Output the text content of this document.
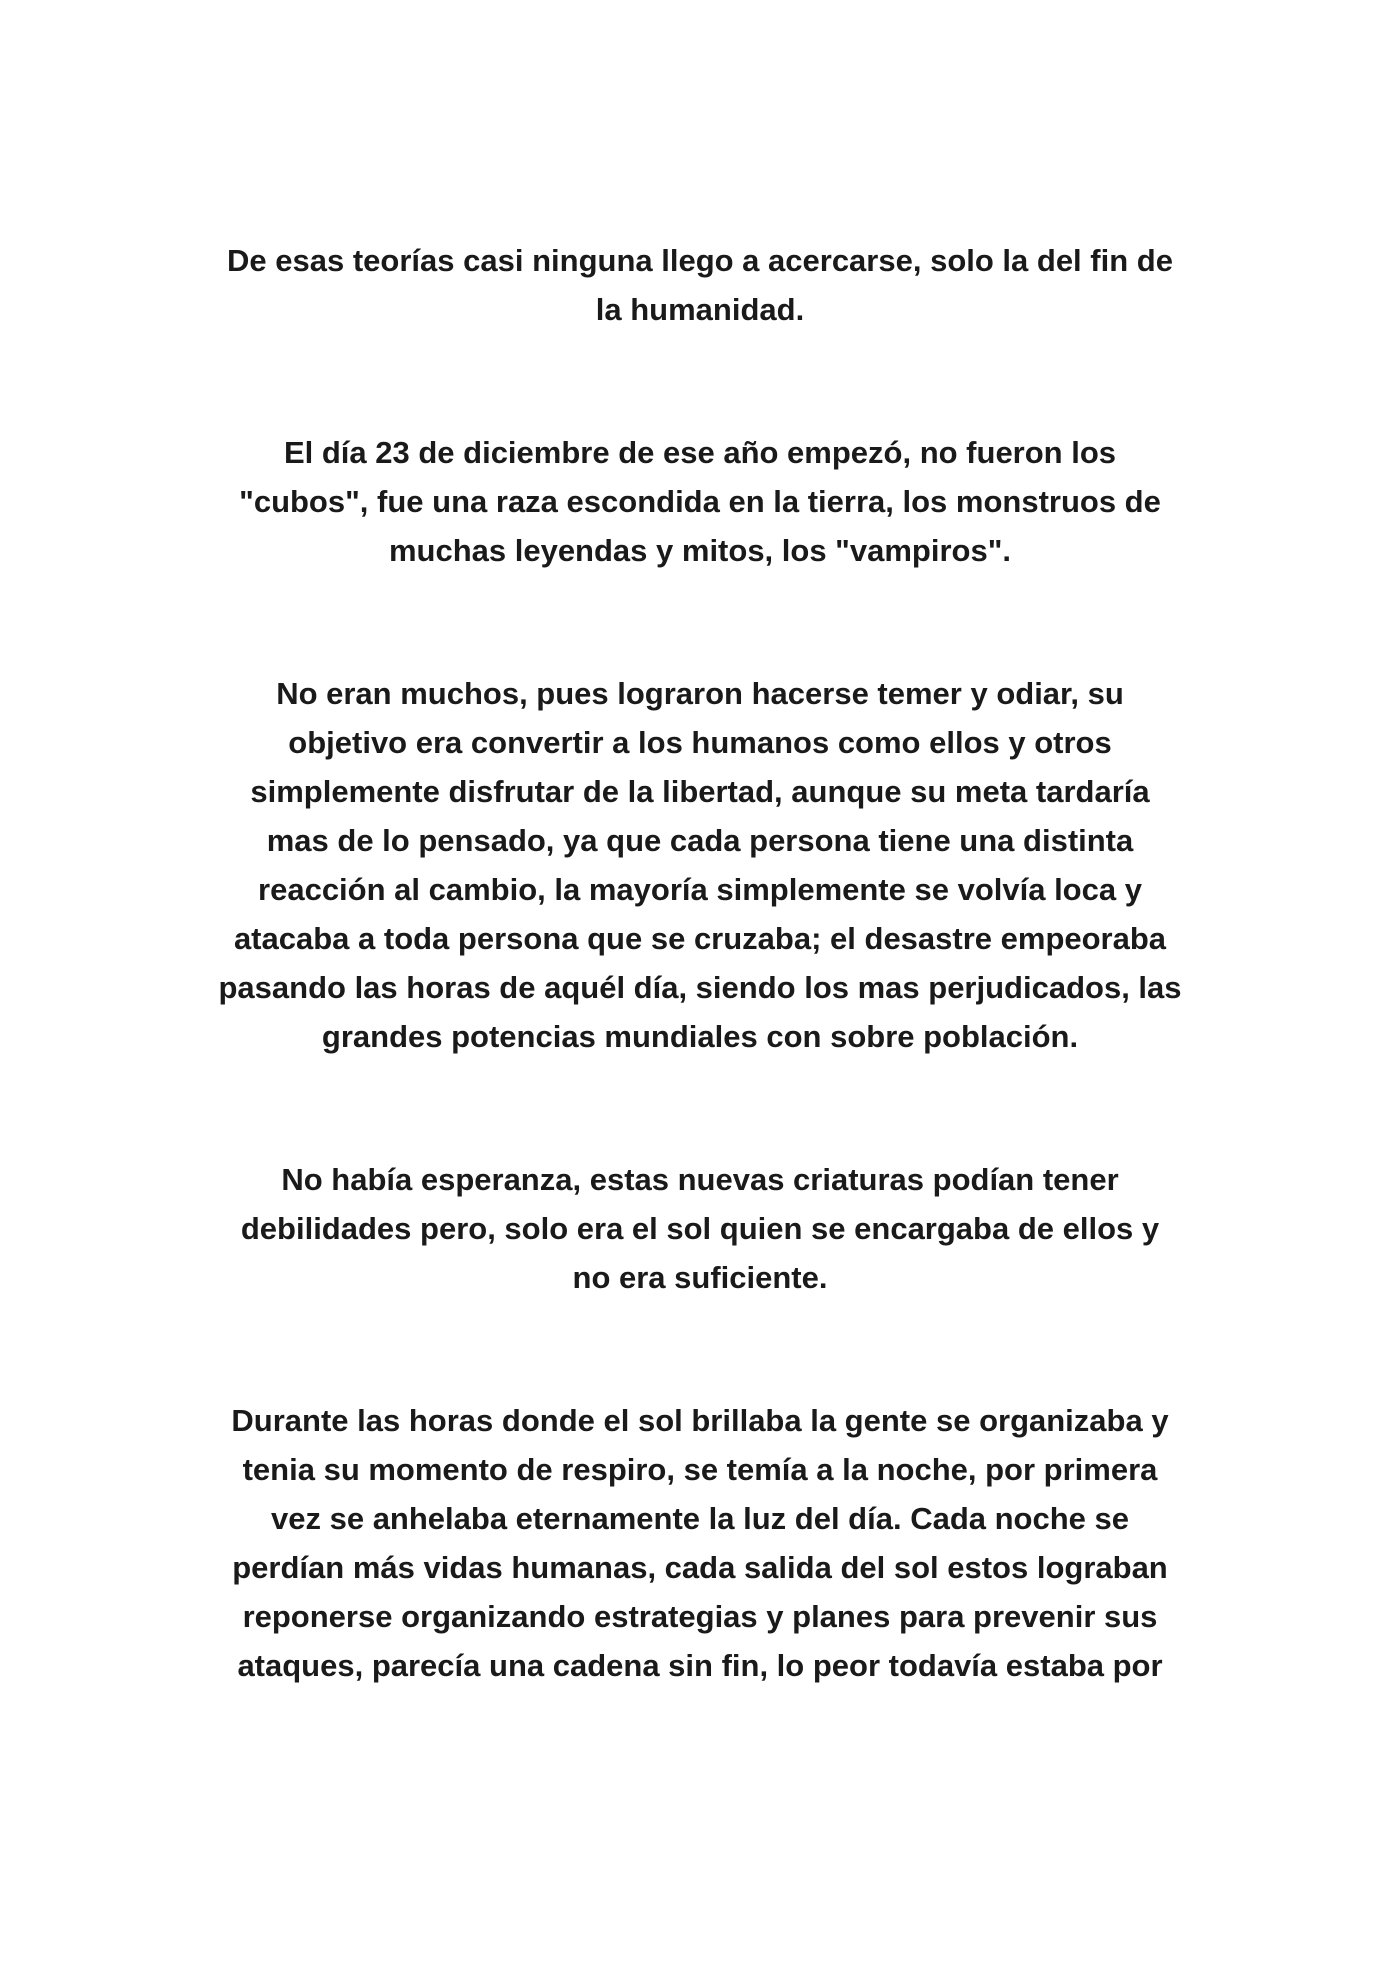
De esas teorías casi ninguna llego a acercarse, solo la del fin de
la humanidad.

El día 23 de diciembre de ese año empezó, no fueron los
"cubos", fue una raza escondida en la tierra, los monstruos de
muchas leyendas y mitos, los "vampiros".

No eran muchos, pues lograron hacerse temer y odiar, su
objetivo era convertir a los humanos como ellos y otros
simplemente disfrutar de la libertad, aunque su meta tardaría
mas de lo pensado, ya que cada persona tiene una distinta
reacción al cambio, la mayoría simplemente se volvía loca y
atacaba a toda persona que se cruzaba; el desastre empeoraba
pasando las horas de aquél día, siendo los mas perjudicados, las
grandes potencias mundiales con sobre población.

No había esperanza, estas nuevas criaturas podían tener
debilidades pero, solo era el sol quien se encargaba de ellos y
no era suficiente.

Durante las horas donde el sol brillaba la gente se organizaba y
tenia su momento de respiro, se temía a la noche, por primera
vez se anhelaba eternamente la luz del día. Cada noche se
perdían más vidas humanas, cada salida del sol estos lograban
reponerse organizando estrategias y planes para prevenir sus
ataques, parecía una cadena sin fin, lo peor todavía estaba por
